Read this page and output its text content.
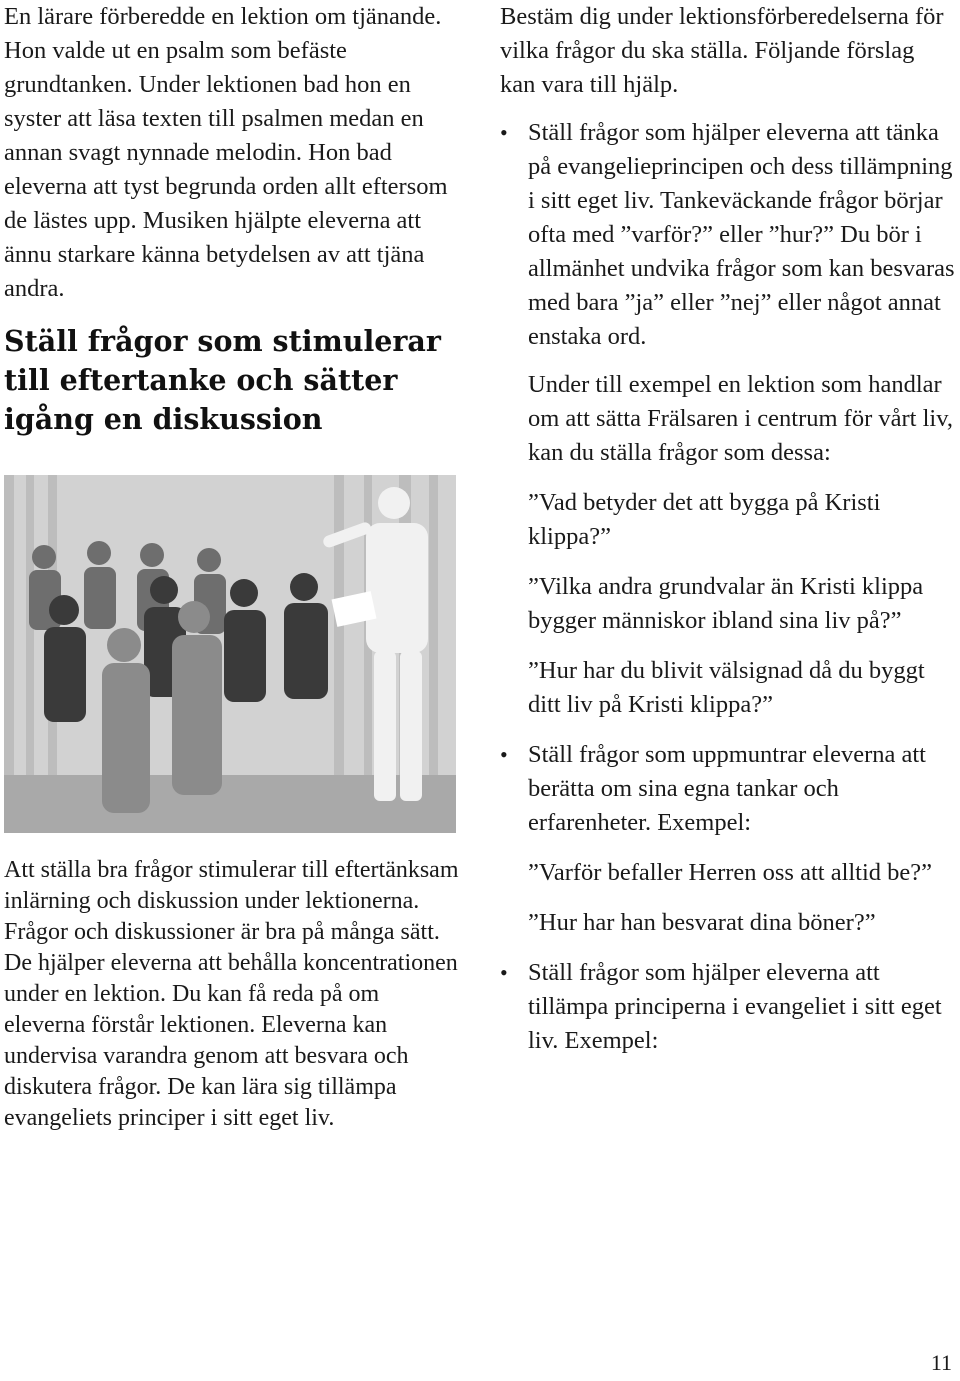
En lärare förberedde en lektion om tjänande. Hon valde ut en psalm som befäste grundtanken. Under lektionen bad hon en syster att läsa texten till psalmen medan en annan svagt nynnade melodin. Hon bad eleverna att tyst begrunda orden allt eftersom de lästes upp. Musiken hjälpte eleverna att ännu starkare känna betydelsen av att tjäna andra.

Ställ frågor som stimulerar till eftertanke och sätter igång en diskussion

Att ställa bra frågor stimulerar till eftertänksam inlärning och diskussion under lektionerna. Frågor och diskussioner är bra på många sätt. De hjälper eleverna att behålla koncentrationen under en lektion. Du kan få reda på om eleverna förstår lektionen. Eleverna kan undervisa varandra genom att besvara och diskutera frågor. De kan lära sig tillämpa evangeliets principer i sitt eget liv.

Bestäm dig under lektionsförberedelserna för vilka frågor du ska ställa. Följande förslag kan vara till hjälp.

• Ställ frågor som hjälper eleverna att tänka på evangelieprincipen och dess tillämpning i sitt eget liv. Tankeväckande frågor börjar ofta med ”varför?” eller ”hur?” Du bör i allmänhet undvika frågor som kan besvaras med bara ”ja” eller ”nej” eller något annat enstaka ord.

Under till exempel en lektion som handlar om att sätta Frälsaren i centrum för vårt liv, kan du ställa frågor som dessa:

”Vad betyder det att bygga på Kristi klippa?”

”Vilka andra grundvalar än Kristi klippa bygger människor ibland sina liv på?”

”Hur har du blivit välsignad då du byggt ditt liv på Kristi klippa?”

• Ställ frågor som uppmuntrar eleverna att berätta om sina egna tankar och erfarenheter. Exempel:

”Varför befaller Herren oss att alltid be?”

”Hur har han besvarat dina böner?”

• Ställ frågor som hjälper eleverna att tillämpa principerna i evangeliet i sitt eget liv. Exempel:

11
